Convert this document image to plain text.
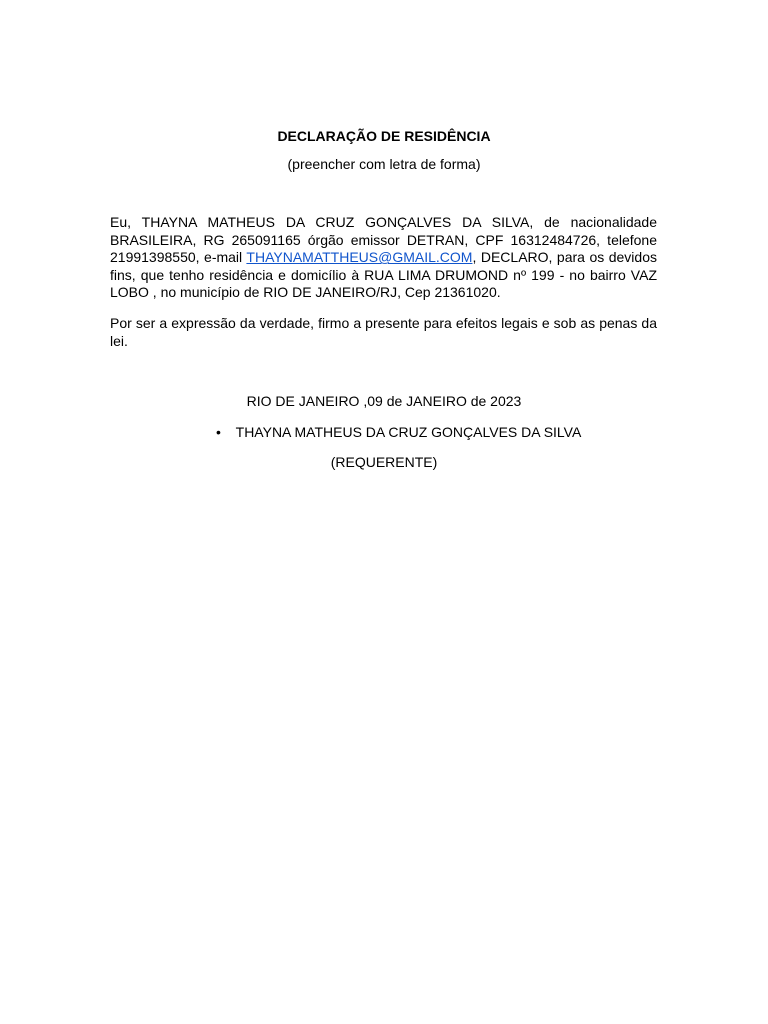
DECLARAÇÃO DE RESIDÊNCIA
(preencher com letra de forma)
Eu, THAYNA MATHEUS DA CRUZ GONÇALVES DA SILVA, de nacionalidade BRASILEIRA, RG 265091165 órgão emissor DETRAN, CPF 16312484726, telefone 21991398550, e-mail THAYNAMATTHEUS@GMAIL.COM, DECLARO, para os devidos fins, que tenho residência e domicílio à RUA LIMA DRUMOND nº 199 - no bairro VAZ LOBO , no município de RIO DE JANEIRO/RJ, Cep 21361020.
Por ser a expressão da verdade, firmo a presente para efeitos legais e sob as penas da lei.
RIO DE JANEIRO ,09 de JANEIRO de 2023
• THAYNA MATHEUS DA CRUZ GONÇALVES DA SILVA
(REQUERENTE)
